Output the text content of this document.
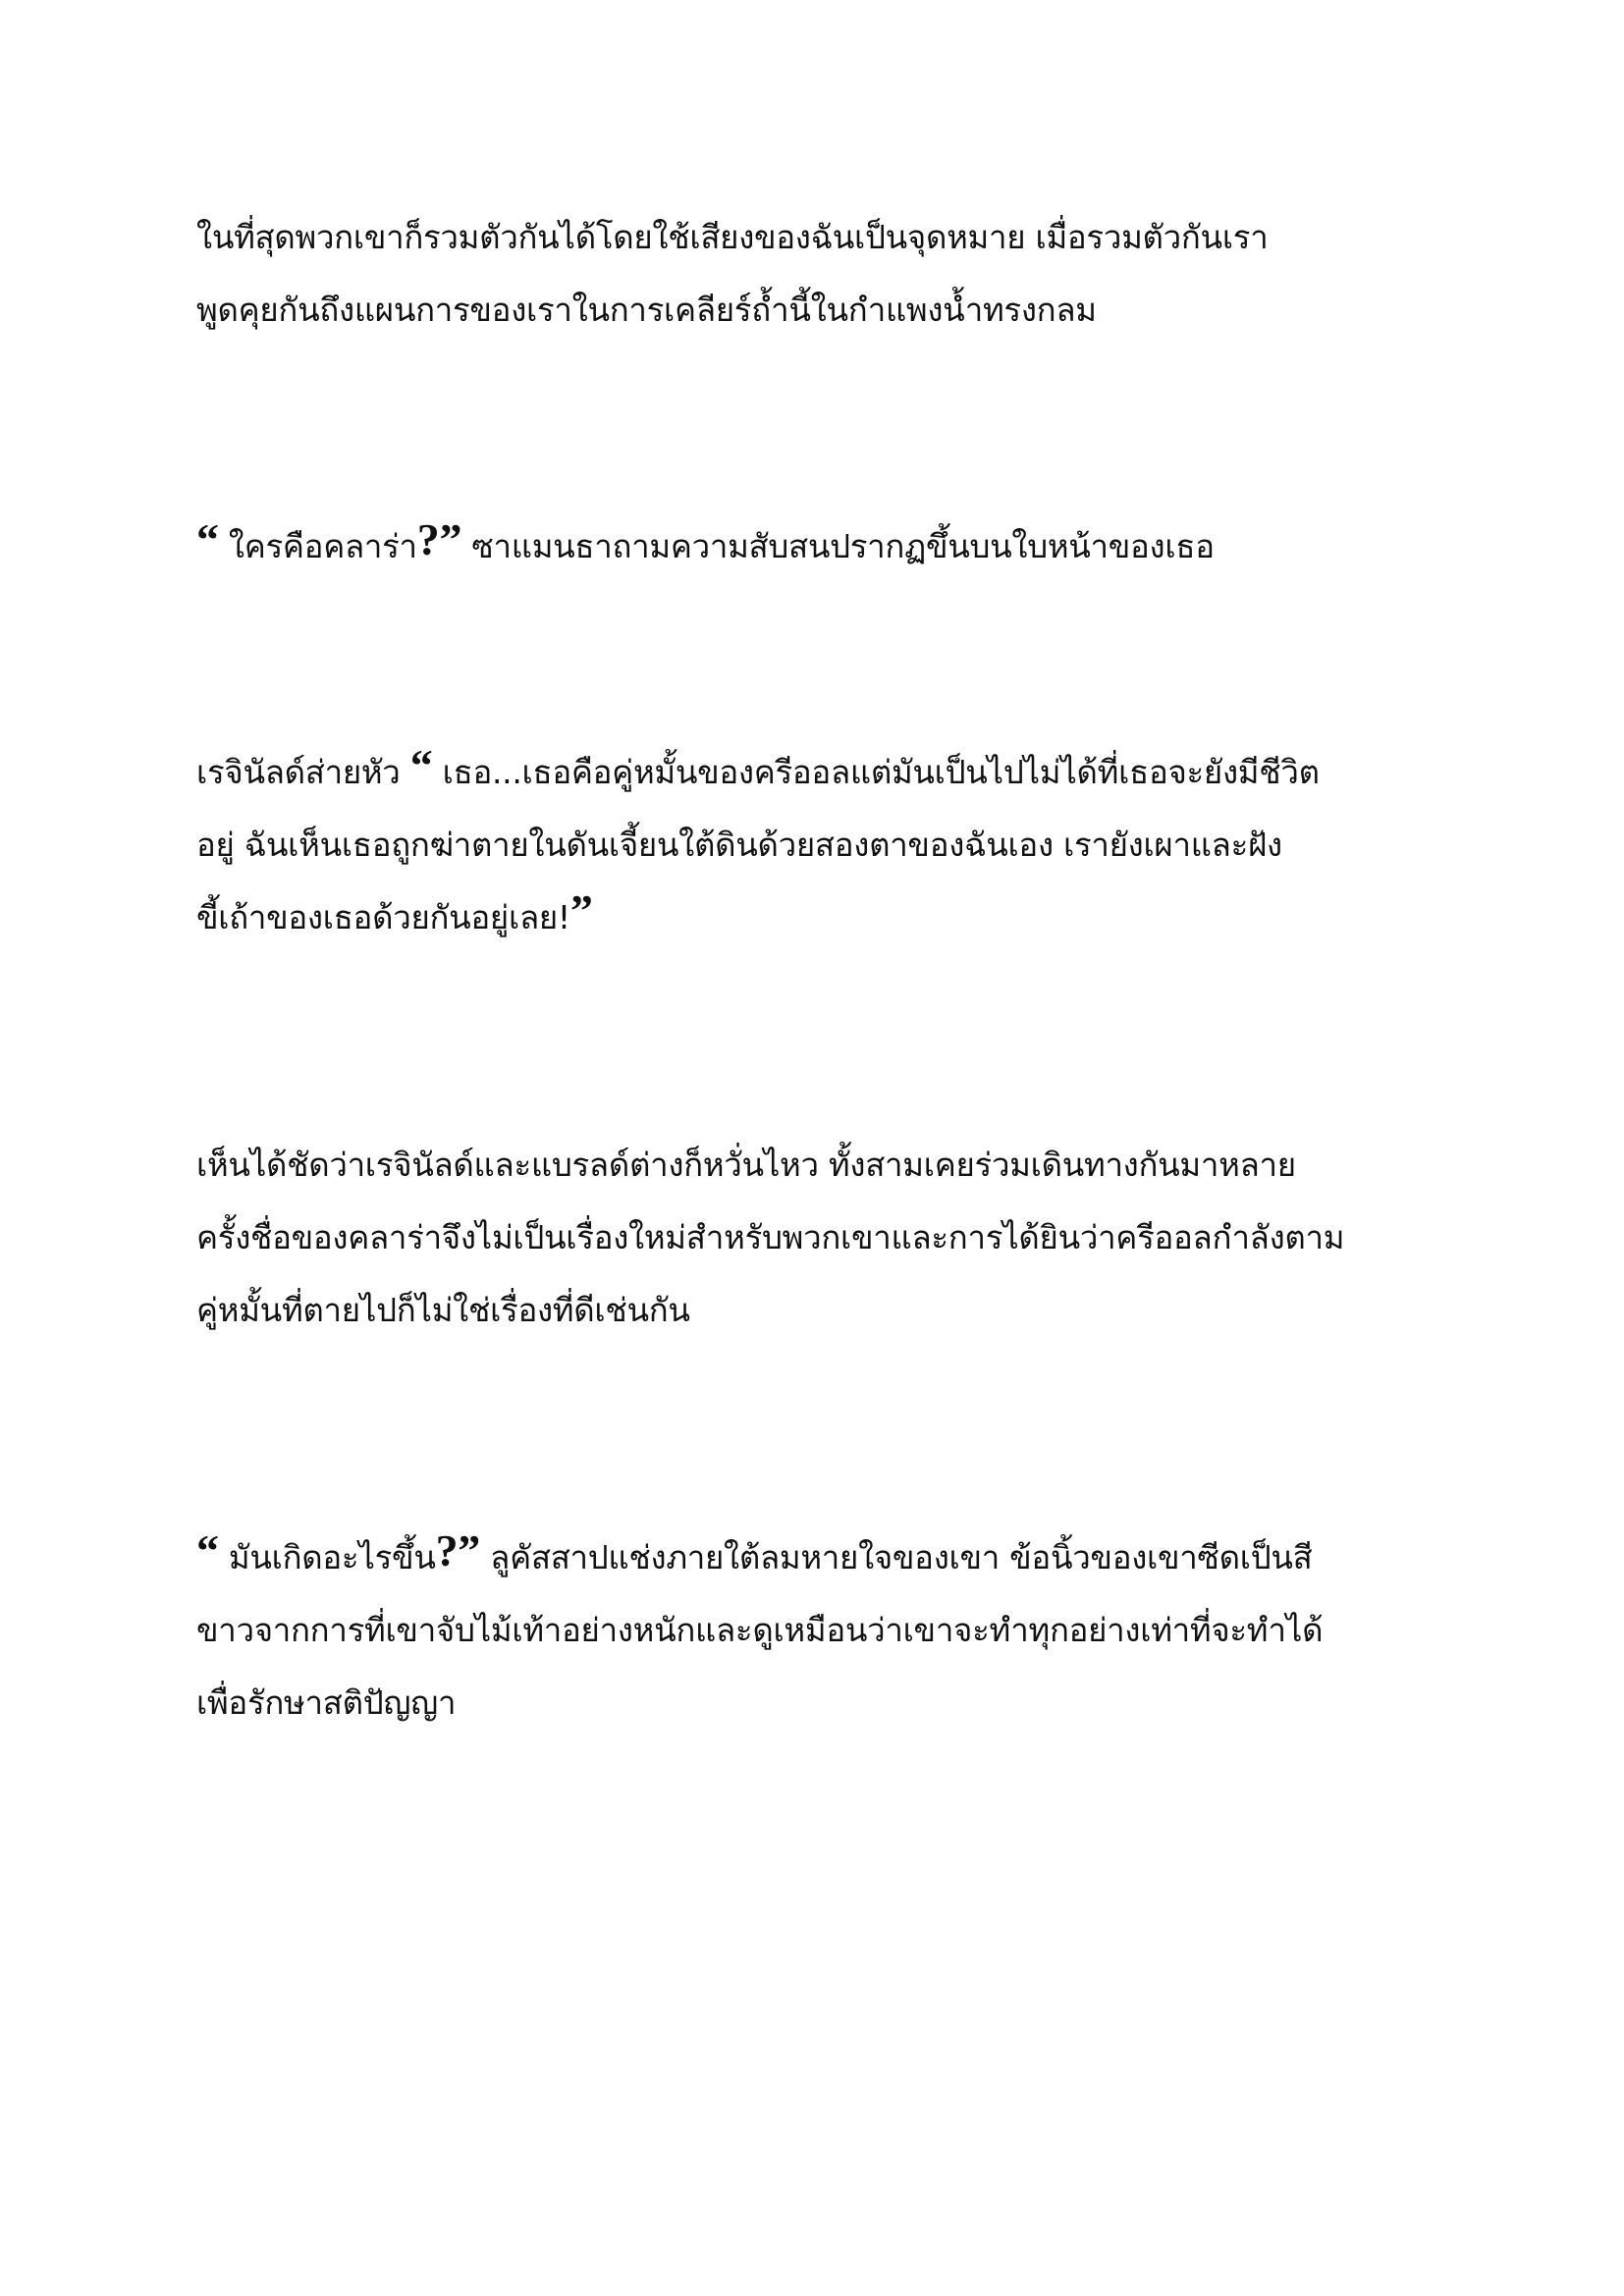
ในที่สุดพวกเขาก็รวมตัวกันได้โดยใช้เสียงของฉันเป็นจุดหมาย เมื่อรวมตัวกันเรา
พูดคุยกันถึงแผนการของเราในการเคลียร์ถ้ำนี้ในกำแพงน้ำทรงกลม
“ ใครคือคลาร่า?” ซาแมนธาถามความสับสนปรากฏขึ้นบนใบหน้าของเธอ
เรจินัลด์ส่ายหัว “ เธอ...เธอคือคู่หมั้นของครีออลแต่มันเป็นไปไม่ได้ที่เธอจะยังมีชีวิต
อยู่ ฉันเห็นเธอถูกฆ่าตายในดันเจี้ยนใต้ดินด้วยสองตาของฉันเอง เรายังเผาและฝัง
ขี้เถ้าของเธอด้วยกันอยู่เลย!”
เห็นได้ชัดว่าเรจินัลด์และแบรลด์ต่างก็หวั่นไหว ทั้งสามเคยร่วมเดินทางกันมาหลาย
ครั้งชื่อของคลาร่าจึงไม่เป็นเรื่องใหม่สำหรับพวกเขาและการได้ยินว่าครีออลกำลังตาม
คู่หมั้นที่ตายไปก็ไม่ใช่เรื่องที่ดีเช่นกัน
“ มันเกิดอะไรขึ้น?” ลูคัสสาปแช่งภายใต้ลมหายใจของเขา ข้อนิ้วของเขาซีดเป็นสี
ขาวจากการที่เขาจับไม้เท้าอย่างหนักและดูเหมือนว่าเขาจะทำทุกอย่างเท่าที่จะทำได้
เพื่อรักษาสติปัญญา
